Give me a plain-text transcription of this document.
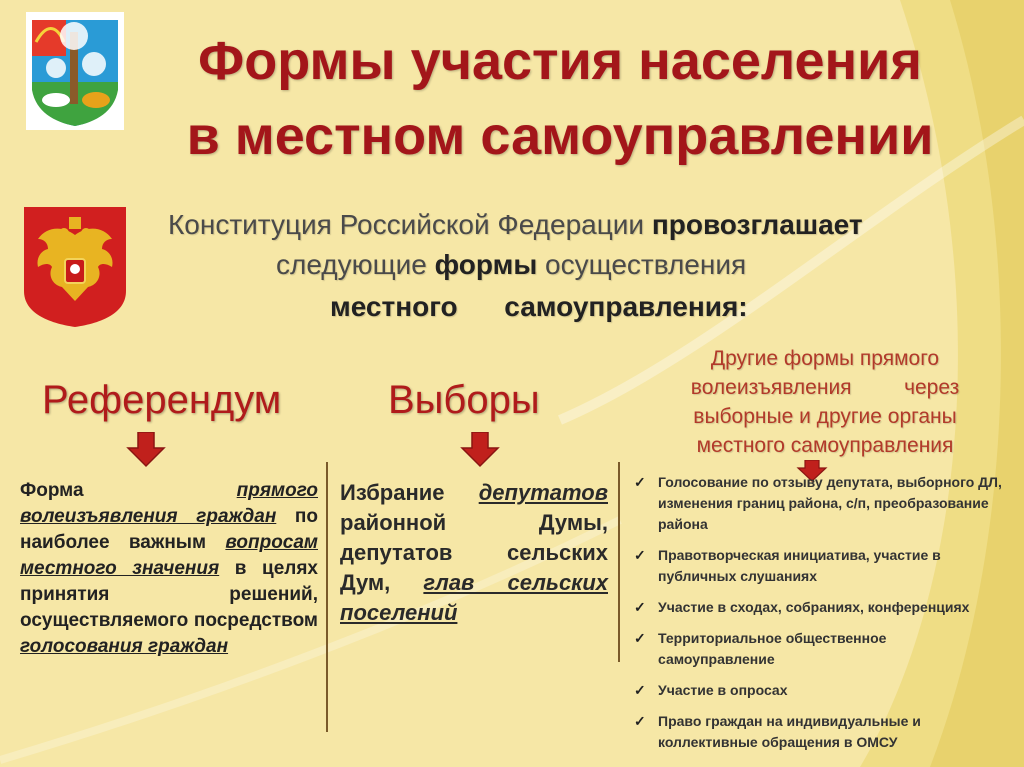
Формы участия населения
в местном самоуправлении
Конституция Российской Федерации провозглашает
следующие формы осуществления
местного      самоуправления:
Референдум	Выборы
Другие формы прямого
волеизъявления         через
выборные и другие органы
местного самоуправления
Форма прямого волеизъявления граждан по наиболее важным вопросам местного значения в целях принятия решений, осуществляемого посредством голосования граждан
Избрание депутатов районной Думы, депутатов сельских Дум, глав сельских поселений
✓ Голосование по отзыву депутата, выборного ДЛ, изменения границ района, с/п, преобразование района
✓ Правотворческая инициатива, участие в публичных слушаниях
✓ Участие в сходах, собраниях, конференциях
✓ Территориальное общественное самоуправление
✓ Участие в опросах
✓ Право граждан на индивидуальные и коллективные обращения в ОМСУ
